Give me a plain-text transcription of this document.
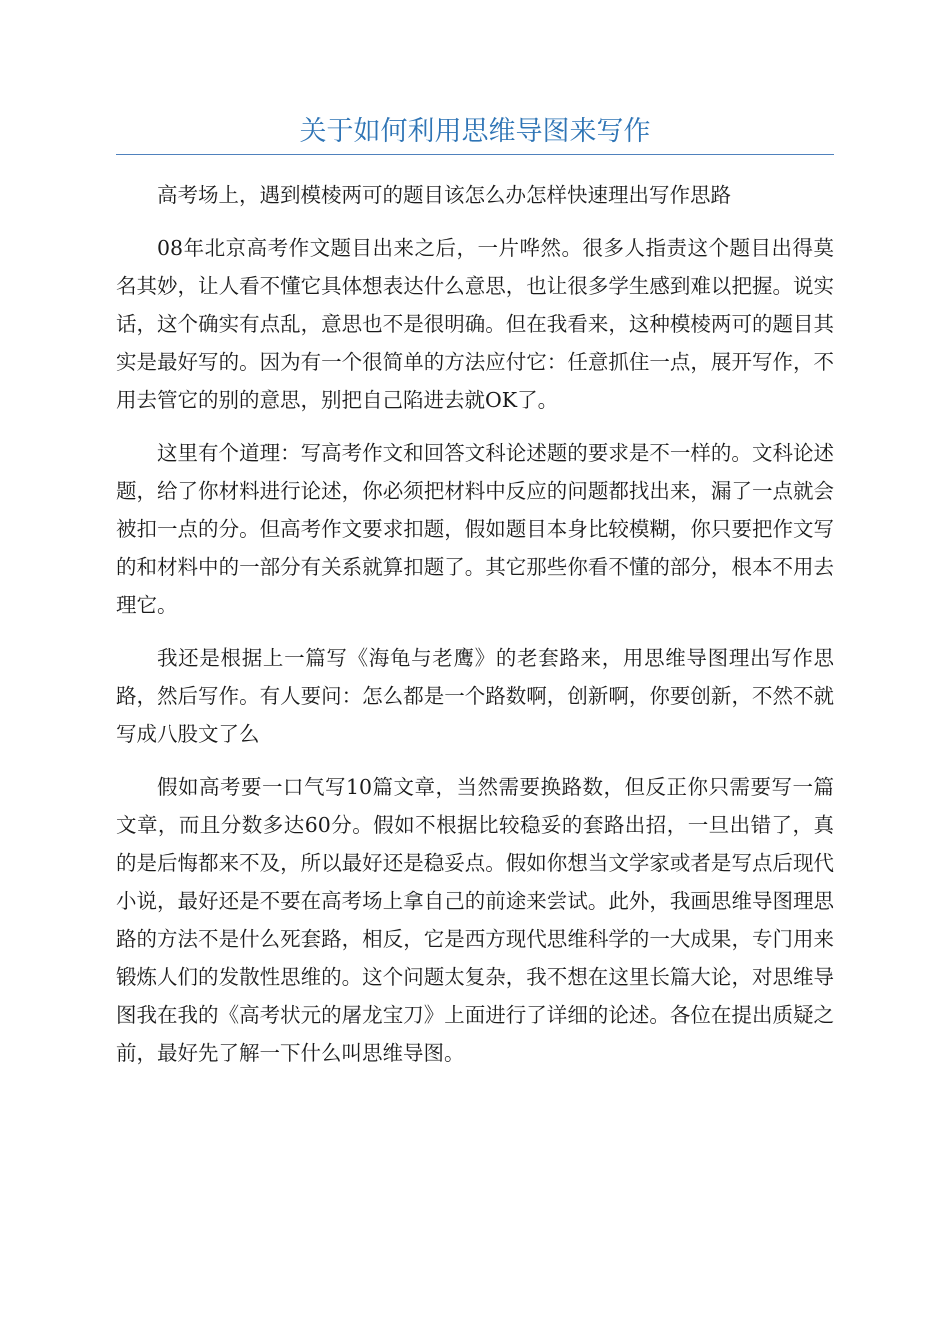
关于如何利用思维导图来写作

高考场上，遇到模棱两可的题目该怎么办怎样快速理出写作思路

08年北京高考作文题目出来之后，一片哗然。很多人指责这个题目出得莫名其妙，让人看不懂它具体想表达什么意思，也让很多学生感到难以把握。说实话，这个确实有点乱，意思也不是很明确。但在我看来，这种模棱两可的题目其实是最好写的。因为有一个很简单的方法应付它：任意抓住一点，展开写作，不用去管它的别的意思，别把自己陷进去就OK了。

这里有个道理：写高考作文和回答文科论述题的要求是不一样的。文科论述题，给了你材料进行论述，你必须把材料中反应的问题都找出来，漏了一点就会被扣一点的分。但高考作文要求扣题，假如题目本身比较模糊，你只要把作文写的和材料中的一部分有关系就算扣题了。其它那些你看不懂的部分，根本不用去理它。

我还是根据上一篇写《海龟与老鹰》的老套路来，用思维导图理出写作思路，然后写作。有人要问：怎么都是一个路数啊，创新啊，你要创新，不然不就写成八股文了么

假如高考要一口气写10篇文章，当然需要换路数，但反正你只需要写一篇文章，而且分数多达60分。假如不根据比较稳妥的套路出招，一旦出错了，真的是后悔都来不及，所以最好还是稳妥点。假如你想当文学家或者是写点后现代小说，最好还是不要在高考场上拿自己的前途来尝试。此外，我画思维导图理思路的方法不是什么死套路，相反，它是西方现代思维科学的一大成果，专门用来锻炼人们的发散性思维的。这个问题太复杂，我不想在这里长篇大论，对思维导图我在我的《高考状元的屠龙宝刀》上面进行了详细的论述。各位在提出质疑之前，最好先了解一下什么叫思维导图。
